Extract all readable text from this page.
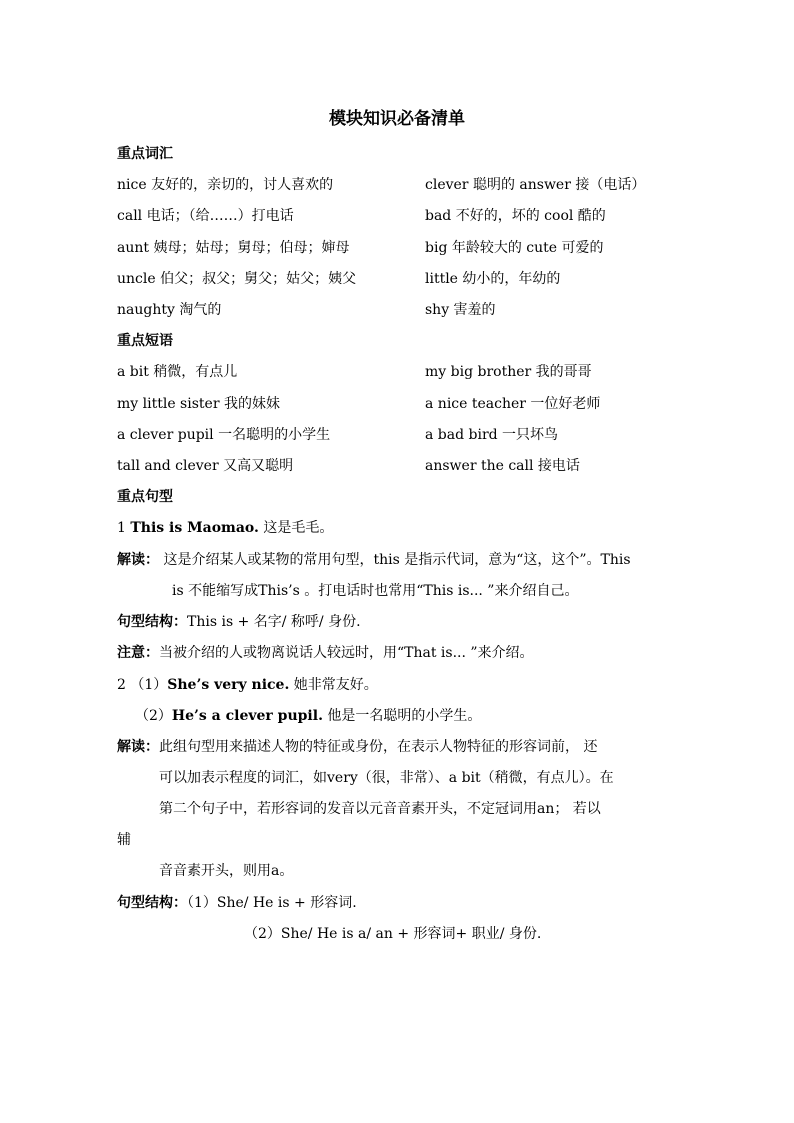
模块知识必备清单
重点词汇
nice 友好的，亲切的，讨人喜欢的	clever 聪明的 answer 接（电话）
call 电话；（给……）打电话	bad 不好的，坏的 cool 酷的
aunt 姨母；姑母；舅母；伯母；婶母	big 年龄较大的 cute 可爱的
uncle 伯父；叔父；舅父；姑父；姨父	little 幼小的，年幼的
naughty 淘气的	shy 害羞的
重点短语
a bit 稍微，有点儿	my big brother 我的哥哥
my little sister 我的妹妹	a nice teacher 一位好老师
a clever pupil 一名聪明的小学生	a bad bird 一只坏鸟
tall and clever 又高又聪明	answer the call 接电话
重点句型
1 This is Maomao. 这是毛毛。
解读： 这是介绍某人或某物的常用句型，this 是指示代词，意为“这，这个”。This
is 不能缩写成This’s 。打电话时也常用“This is... ”来介绍自己。
句型结构：This is + 名字/ 称呼/ 身份.
注意：当被介绍的人或物离说话人较远时，用“That is... ”来介绍。
2 （1）She’s very nice. 她非常友好。
（2）He’s a clever pupil. 他是一名聪明的小学生。
解读：此组句型用来描述人物的特征或身份，在表示人物特征的形容词前， 还
可以加表示程度的词汇，如very（很，非常）、a bit（稍微，有点儿）。在
第二个句子中，若形容词的发音以元音音素开头，不定冠词用an； 若以
辅
音音素开头，则用a。
句型结构：（1）She/ He is + 形容词.
（2）She/ He is a/ an + 形容词+ 职业/ 身份.
